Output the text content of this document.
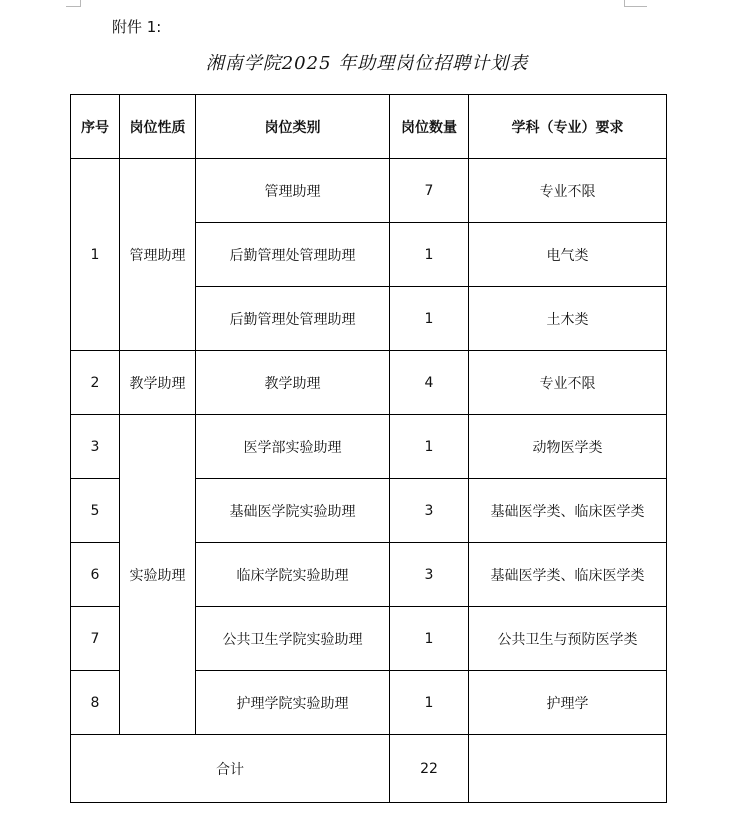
附件 1:
湘南学院2025 年助理岗位招聘计划表
序号	岗位性质	岗位类别	岗位数量	学科（专业）要求
1	管理助理	管理助理	7	专业不限
		后勤管理处管理助理	1	电气类
		后勤管理处管理助理	1	土木类
2	教学助理	教学助理	4	专业不限
3	实验助理	医学部实验助理	1	动物医学类
5		基础医学院实验助理	3	基础医学类、临床医学类
6		临床学院实验助理	3	基础医学类、临床医学类
7		公共卫生学院实验助理	1	公共卫生与预防医学类
8		护理学院实验助理	1	护理学
合计			22	
